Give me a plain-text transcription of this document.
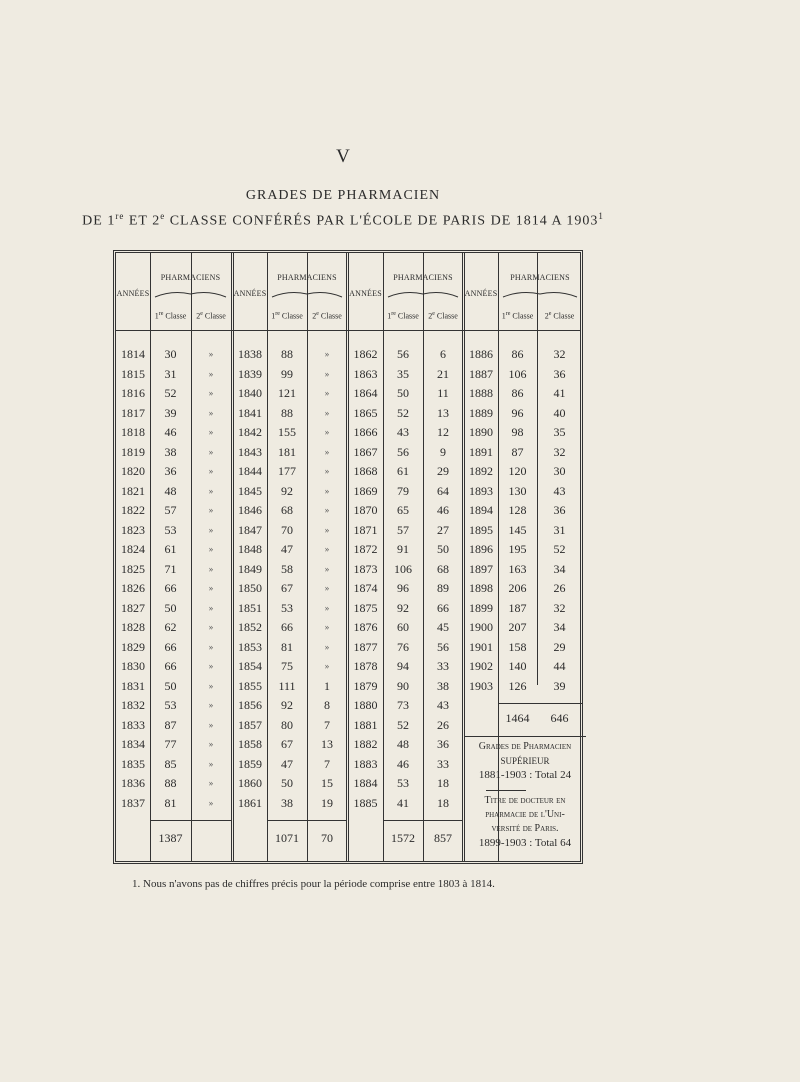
V
GRADES DE PHARMACIEN
DE 1re ET 2e CLASSE CONFÉRÉS PAR L'ÉCOLE DE PARIS DE 1814 A 1903$^1$
ANNÉES
PHARMACIENS
1re Classe	2e Classe
1814	30	»
1815	31	»
1816	52	»
1817	39	»
1818	46	»
1819	38	»
1820	36	»
1821	48	»
1822	57	»
1823	53	»
1824	61	»
1825	71	»
1826	66	»
1827	50	»
1828	62	»
1829	66	»
1830	66	»
1831	50	»
1832	53	»
1833	87	»
1834	77	»
1835	85	»
1836	88	»
1837	81	»
1387
ANNÉES
PHARMACIENS
1re Classe	2e Classe
1838	88	»
1839	99	»
1840	121	»
1841	88	»
1842	155	»
1843	181	»
1844	177	»
1845	92	»
1846	68	»
1847	70	»
1848	47	»
1849	58	»
1850	67	»
1851	53	»
1852	66	»
1853	81	»
1854	75	»
1855	111	1
1856	92	8
1857	80	7
1858	67	13
1859	47	7
1860	50	15
1861	38	19
1071	70
ANNÉES
PHARMACIENS
1re Classe	2e Classe
1862	56	6
1863	35	21
1864	50	11
1865	52	13
1866	43	12
1867	56	9
1868	61	29
1869	79	64
1870	65	46
1871	57	27
1872	91	50
1873	106	68
1874	96	89
1875	92	66
1876	60	45
1877	76	56
1878	94	33
1879	90	38
1880	73	43
1881	52	26
1882	48	36
1883	46	33
1884	53	18
1885	41	18
1572	857
ANNÉES
PHARMACIENS
1re Classe	2e Classe
1886	86	32
1887	106	36
1888	86	41
1889	96	40
1890	98	35
1891	87	32
1892	120	30
1893	130	43
1894	128	36
1895	145	31
1896	195	52
1897	163	34
1898	206	26
1899	187	32
1900	207	34
1901	158	29
1902	140	44
1903	126	39
1464	646
Grades de Pharmacien
SUPÉRIEUR
1881-1903 : Total 24
Titre de docteur en
pharmacie de l'Uni-
versité de Paris.
1899-1903 : Total 64
1. Nous n'avons pas de chiffres précis pour la période comprise entre 1803 à 1814.
